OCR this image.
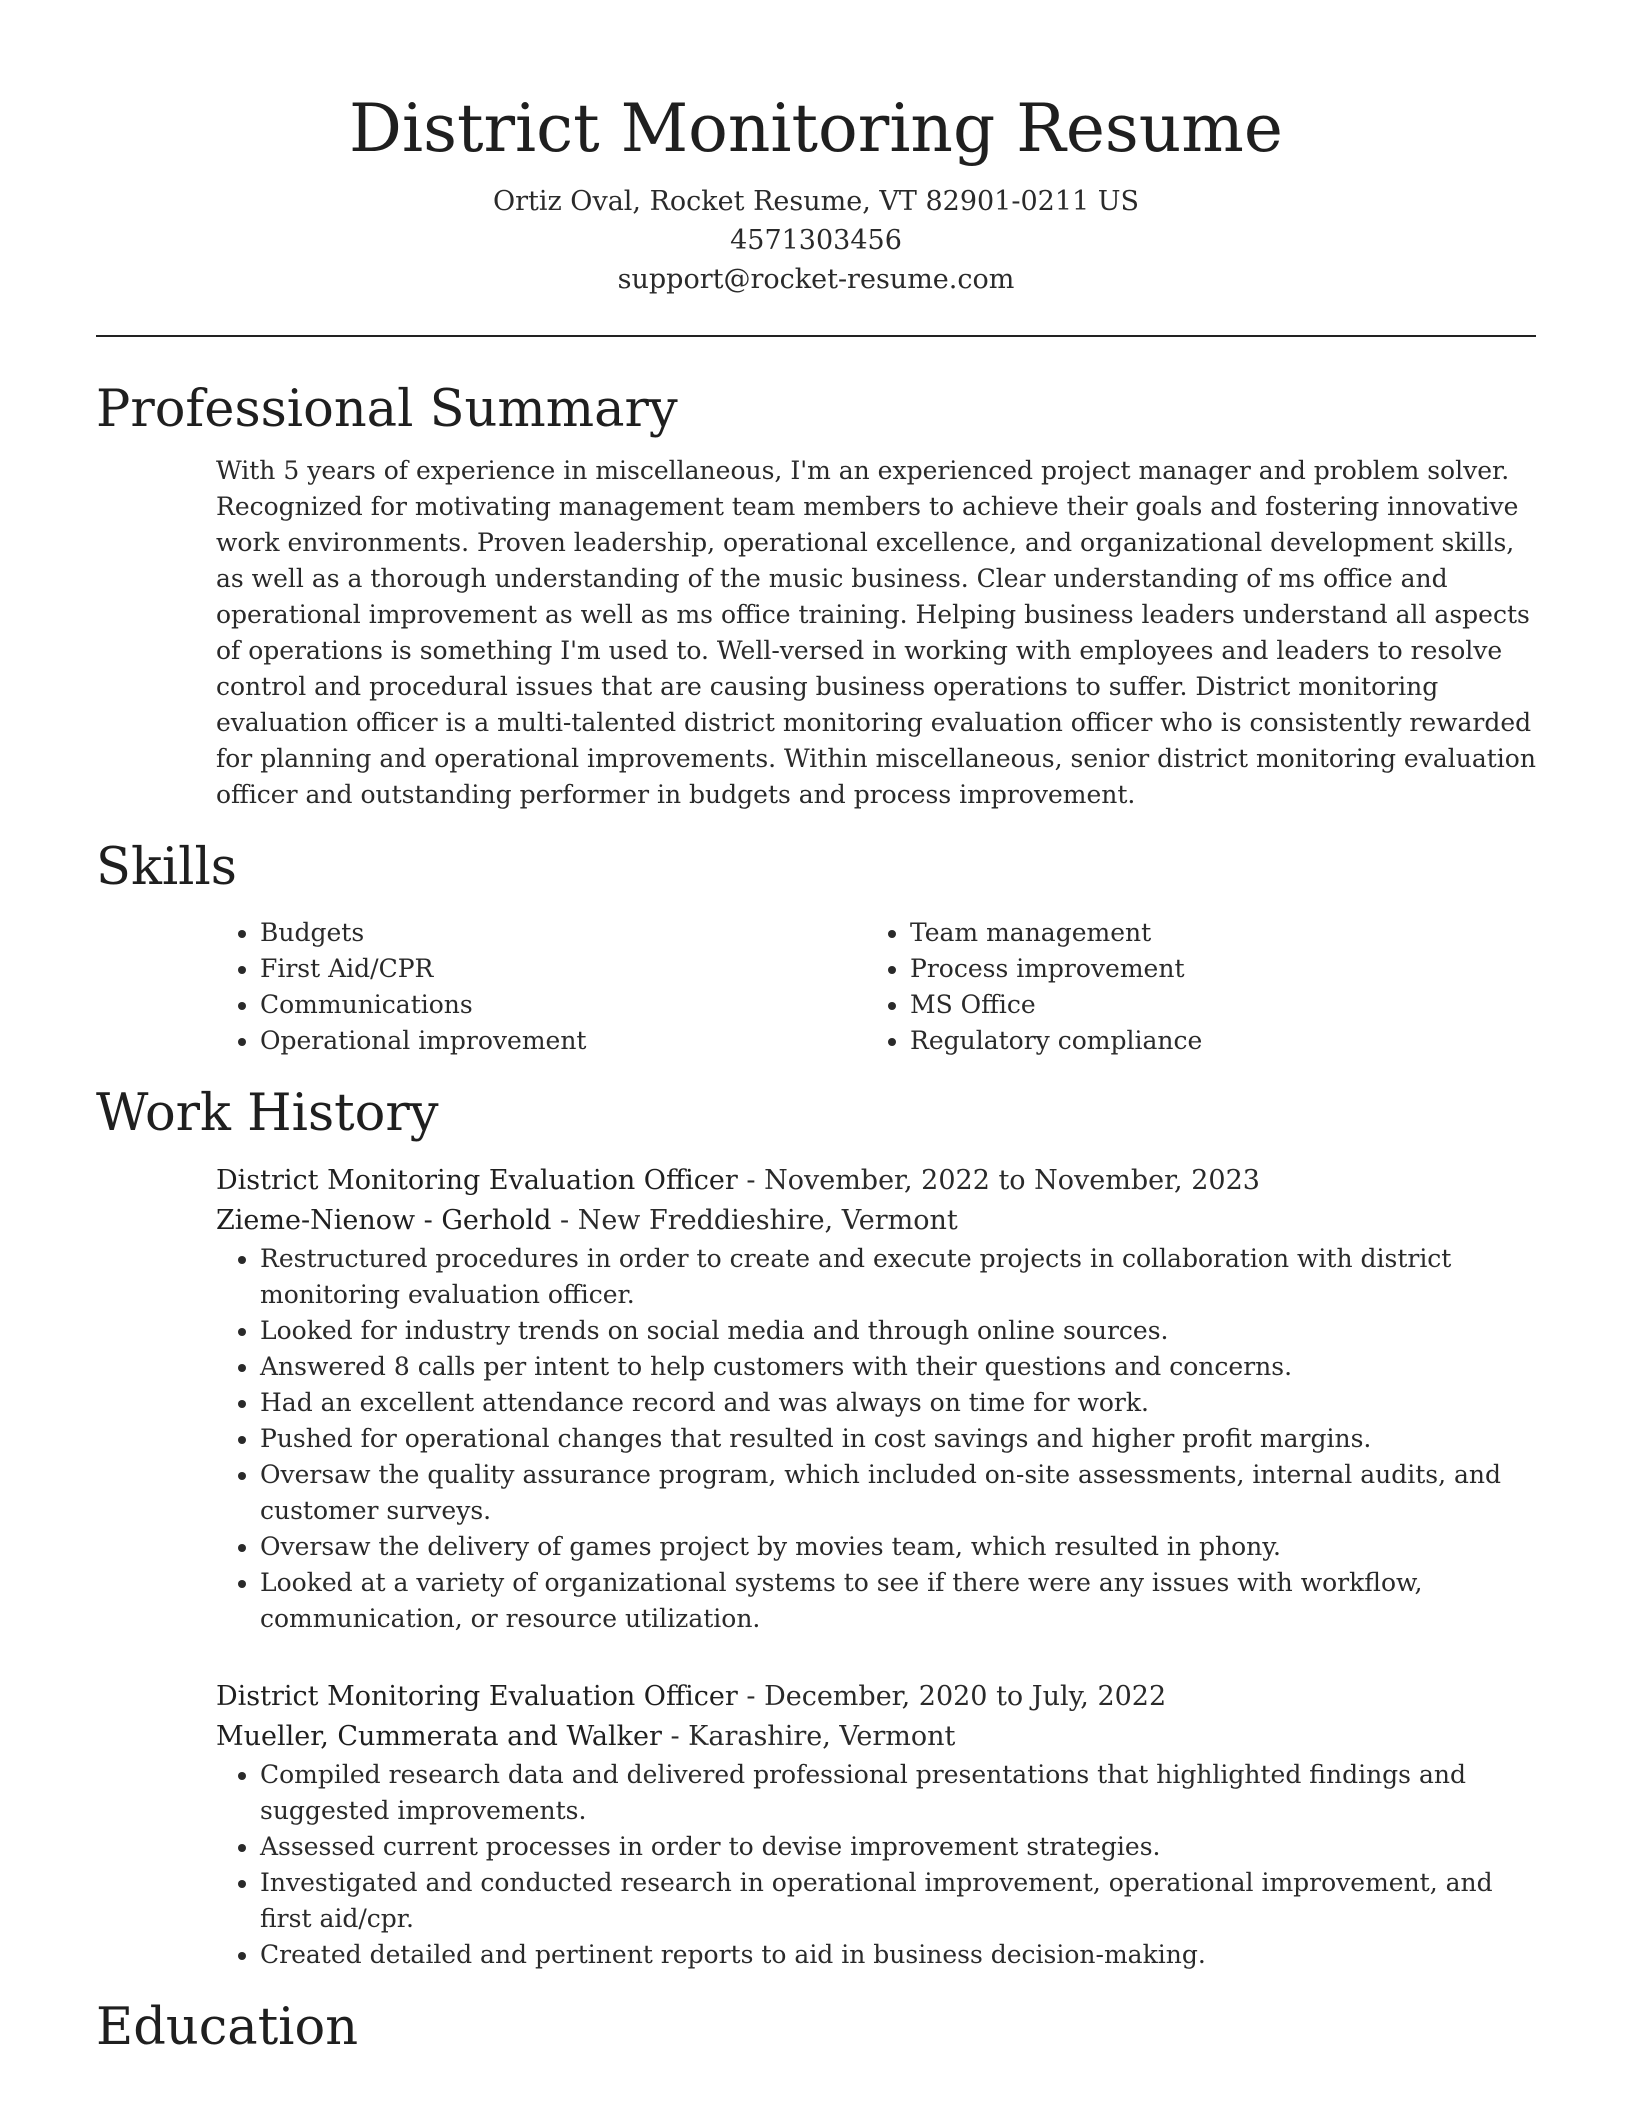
District Monitoring Resume
Ortiz Oval, Rocket Resume, VT 82901-0211 US
4571303456
support@rocket-resume.com
Professional Summary
With 5 years of experience in miscellaneous, I'm an experienced project manager and problem solver. Recognized for motivating management team members to achieve their goals and fostering innovative work environments. Proven leadership, operational excellence, and organizational development skills, as well as a thorough understanding of the music business. Clear understanding of ms office and operational improvement as well as ms office training. Helping business leaders understand all aspects of operations is something I'm used to. Well-versed in working with employees and leaders to resolve control and procedural issues that are causing business operations to suffer. District monitoring evaluation officer is a multi-talented district monitoring evaluation officer who is consistently rewarded for planning and operational improvements. Within miscellaneous, senior district monitoring evaluation officer and outstanding performer in budgets and process improvement.
Skills
• Budgets
• First Aid/CPR
• Communications
• Operational improvement
• Team management
• Process improvement
• MS Office
• Regulatory compliance
Work History
District Monitoring Evaluation Officer - November, 2022 to November, 2023
Zieme-Nienow - Gerhold - New Freddieshire, Vermont
• Restructured procedures in order to create and execute projects in collaboration with district monitoring evaluation officer.
• Looked for industry trends on social media and through online sources.
• Answered 8 calls per intent to help customers with their questions and concerns.
• Had an excellent attendance record and was always on time for work.
• Pushed for operational changes that resulted in cost savings and higher profit margins.
• Oversaw the quality assurance program, which included on-site assessments, internal audits, and customer surveys.
• Oversaw the delivery of games project by movies team, which resulted in phony.
• Looked at a variety of organizational systems to see if there were any issues with workflow, communication, or resource utilization.
District Monitoring Evaluation Officer - December, 2020 to July, 2022
Mueller, Cummerata and Walker - Karashire, Vermont
• Compiled research data and delivered professional presentations that highlighted findings and suggested improvements.
• Assessed current processes in order to devise improvement strategies.
• Investigated and conducted research in operational improvement, operational improvement, and first aid/cpr.
• Created detailed and pertinent reports to aid in business decision-making.
Education
